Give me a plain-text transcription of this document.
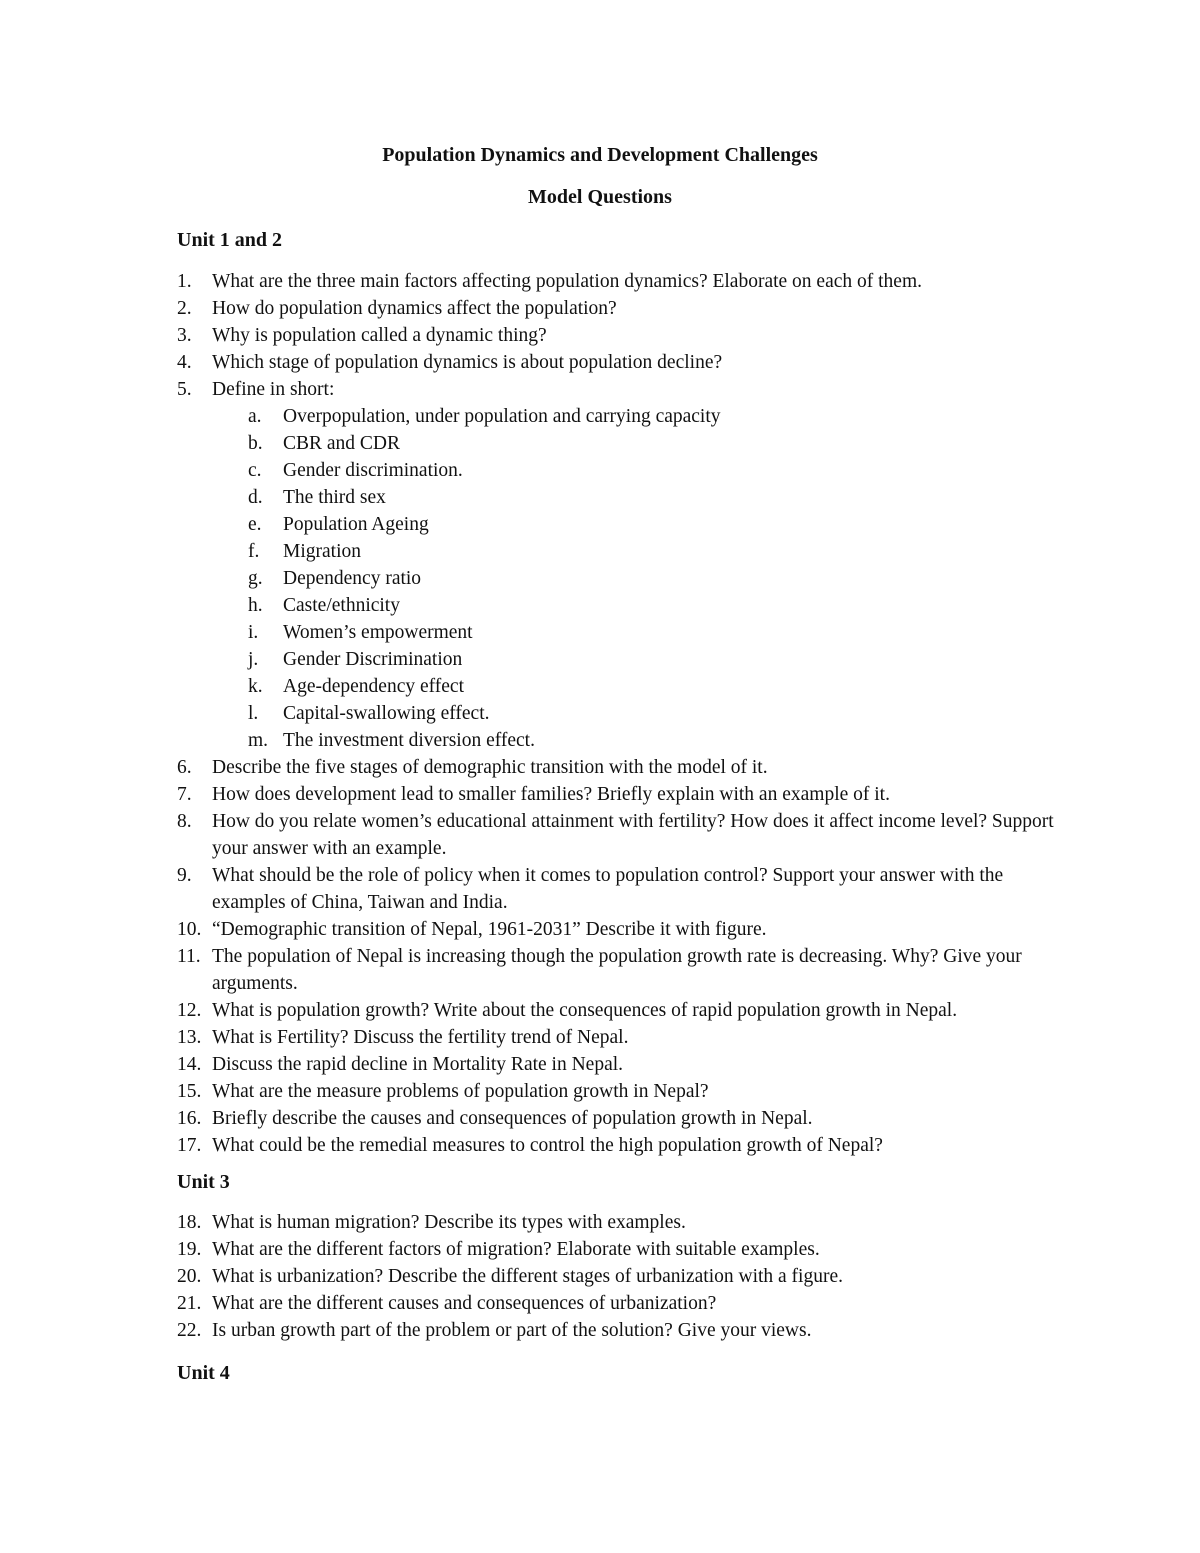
Population Dynamics and Development Challenges
Model Questions
Unit 1 and 2
1.	What are the three main factors affecting population dynamics? Elaborate on each of them.
2.	How do population dynamics affect the population?
3.	Why is population called a dynamic thing?
4.	Which stage of population dynamics is about population decline?
5.	Define in short:
a.	Overpopulation, under population and carrying capacity
b.	CBR and CDR
c.	Gender discrimination.
d.	The third sex
e.	Population Ageing
f.	Migration
g.	Dependency ratio
h.	Caste/ethnicity
i.	Women’s empowerment
j.	Gender Discrimination
k.	Age-dependency effect
l.	Capital-swallowing effect.
m. The investment diversion effect.
6.	Describe the five stages of demographic transition with the model of it.
7.	How does development lead to smaller families? Briefly explain with an example of it.
8.	How do you relate women’s educational attainment with fertility? How does it affect income level? Support your answer with an example.
9.	What should be the role of policy when it comes to population control? Support your answer with the examples of China, Taiwan and India.
10. “Demographic transition of Nepal, 1961-2031” Describe it with figure.
11. The population of Nepal is increasing though the population growth rate is decreasing. Why? Give your arguments.
12. What is population growth? Write about the consequences of rapid population growth in Nepal.
13. What is Fertility? Discuss the fertility trend of Nepal.
14. Discuss the rapid decline in Mortality Rate in Nepal.
15. What are the measure problems of population growth in Nepal?
16. Briefly describe the causes and consequences of population growth in Nepal.
17. What could be the remedial measures to control the high population growth of Nepal?
Unit 3
18. What is human migration? Describe its types with examples.
19. What are the different factors of migration? Elaborate with suitable examples.
20. What is urbanization? Describe the different stages of urbanization with a figure.
21. What are the different causes and consequences of urbanization?
22. Is urban growth part of the problem or part of the solution? Give your views.
Unit 4
